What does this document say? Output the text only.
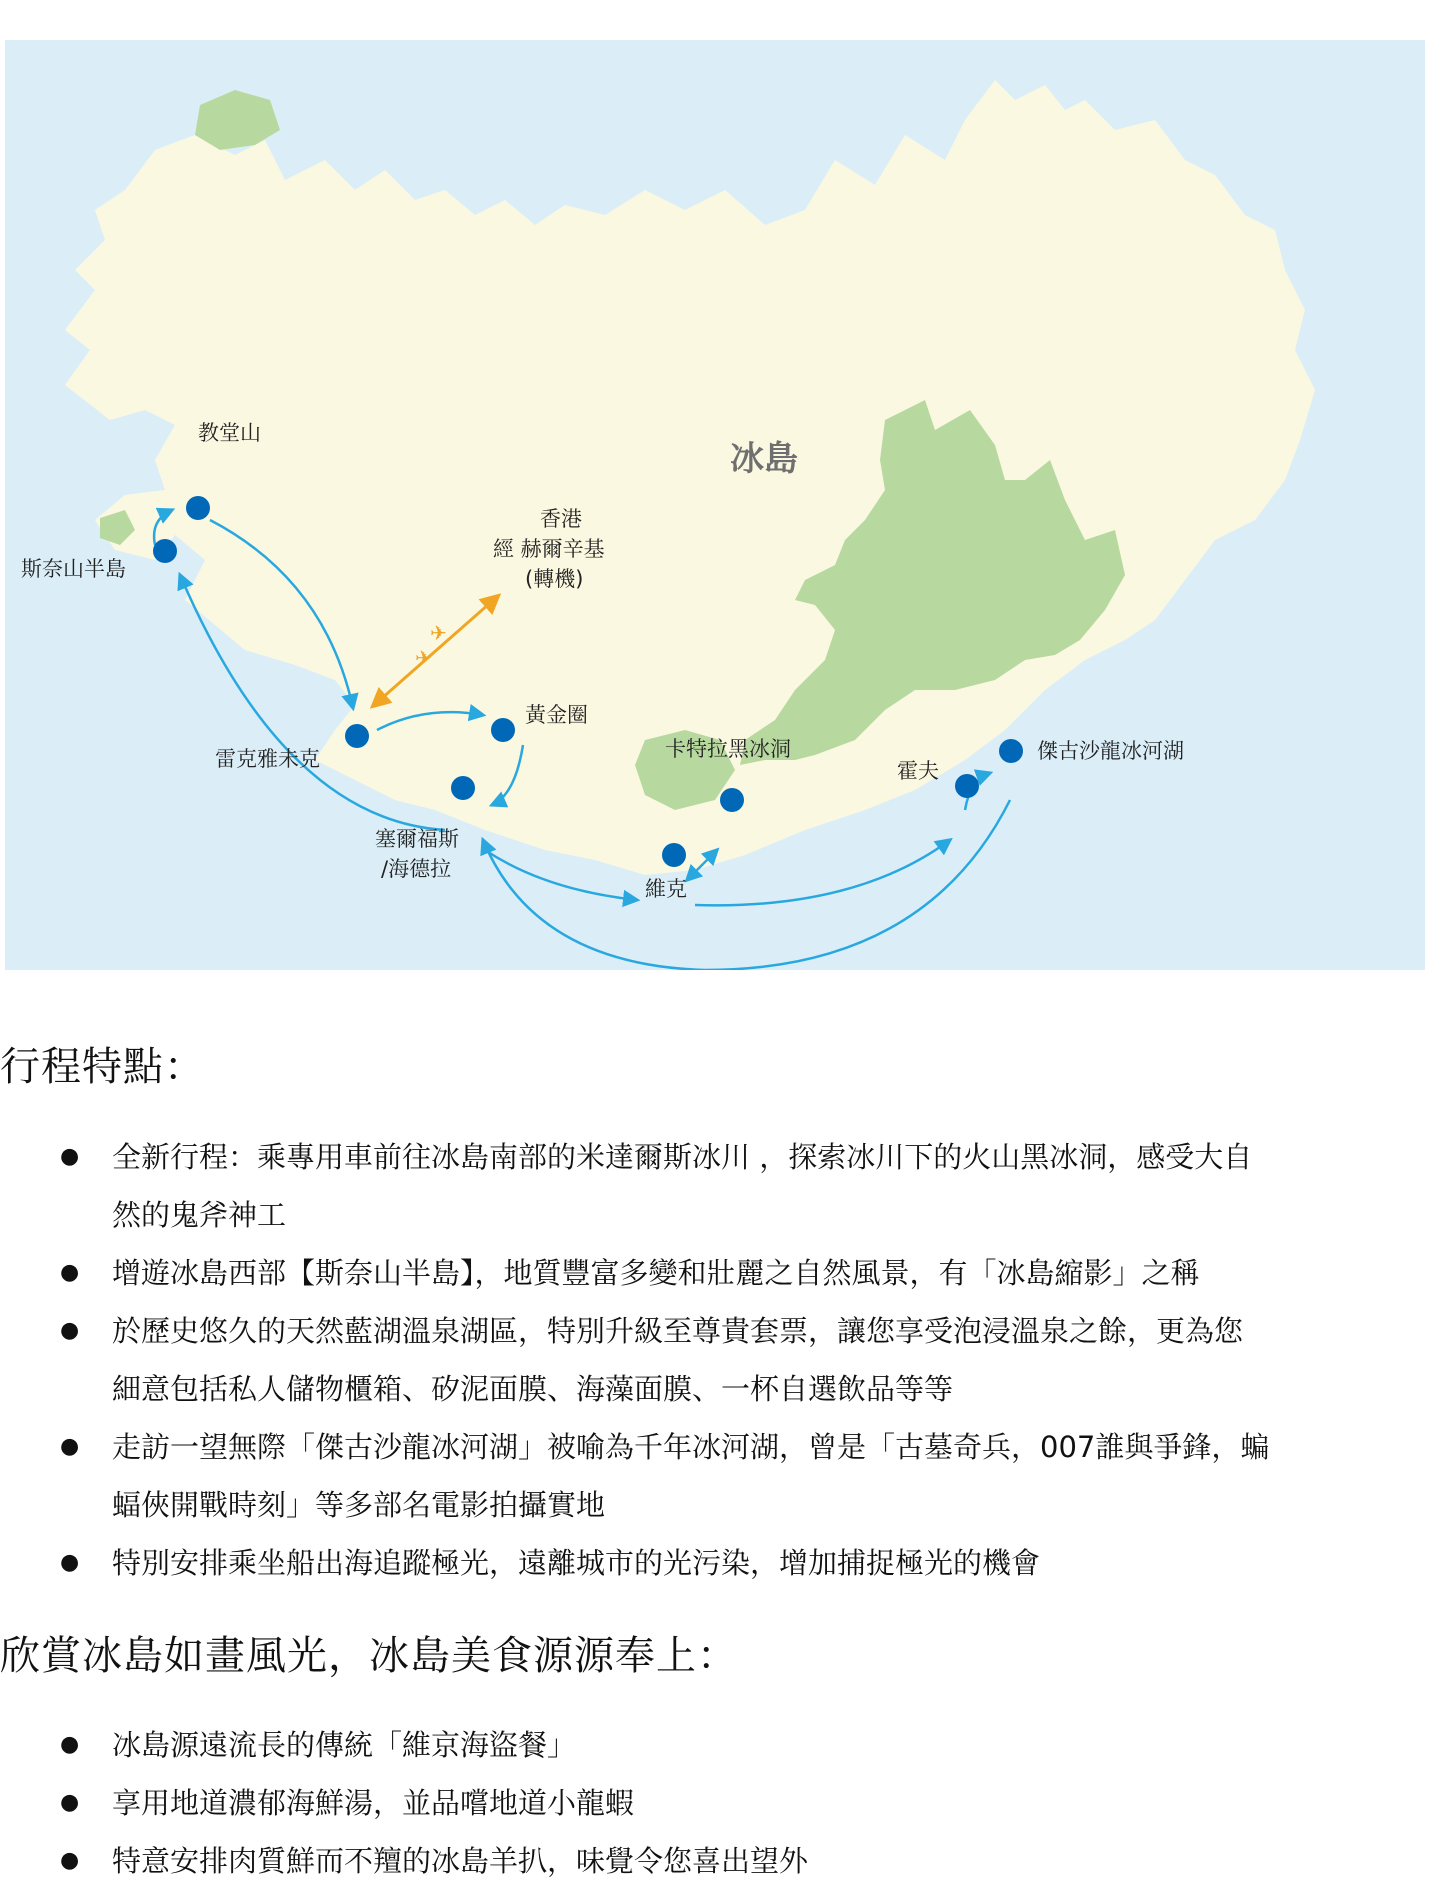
✈
✈
冰島
教堂山
斯奈山半島
香港
經 赫爾辛基
(轉機)
雷克雅未克
黃金圈
塞爾福斯
/海德拉
卡特拉黑冰洞
維克
霍夫
傑古沙龍冰河湖
行程特點：
● 全新行程：乘專用車前往冰島南部的米達爾斯冰川 ，探索冰川下的火山黑冰洞，感受大自
然的鬼斧神工
● 增遊冰島西部【斯奈山半島】，地質豐富多變和壯麗之自然風景，有「冰島縮影」之稱
● 於歷史悠久的天然藍湖溫泉湖區，特別升級至尊貴套票，讓您享受泡浸溫泉之餘，更為您
細意包括私人儲物櫃箱、矽泥面膜、海藻面膜、一杯自選飲品等等
● 走訪一望無際「傑古沙龍冰河湖」被喻為千年冰河湖，曾是「古墓奇兵，007誰與爭鋒，蝙
蝠俠開戰時刻」等多部名電影拍攝實地
● 特別安排乘坐船出海追蹤極光，遠離城市的光污染，增加捕捉極光的機會
欣賞冰島如畫風光，冰島美食源源奉上：
● 冰島源遠流長的傳統「維京海盜餐」
● 享用地道濃郁海鮮湯，並品嚐地道小龍蝦
● 特意安排肉質鮮而不羶的冰島羊扒，味覺令您喜出望外
